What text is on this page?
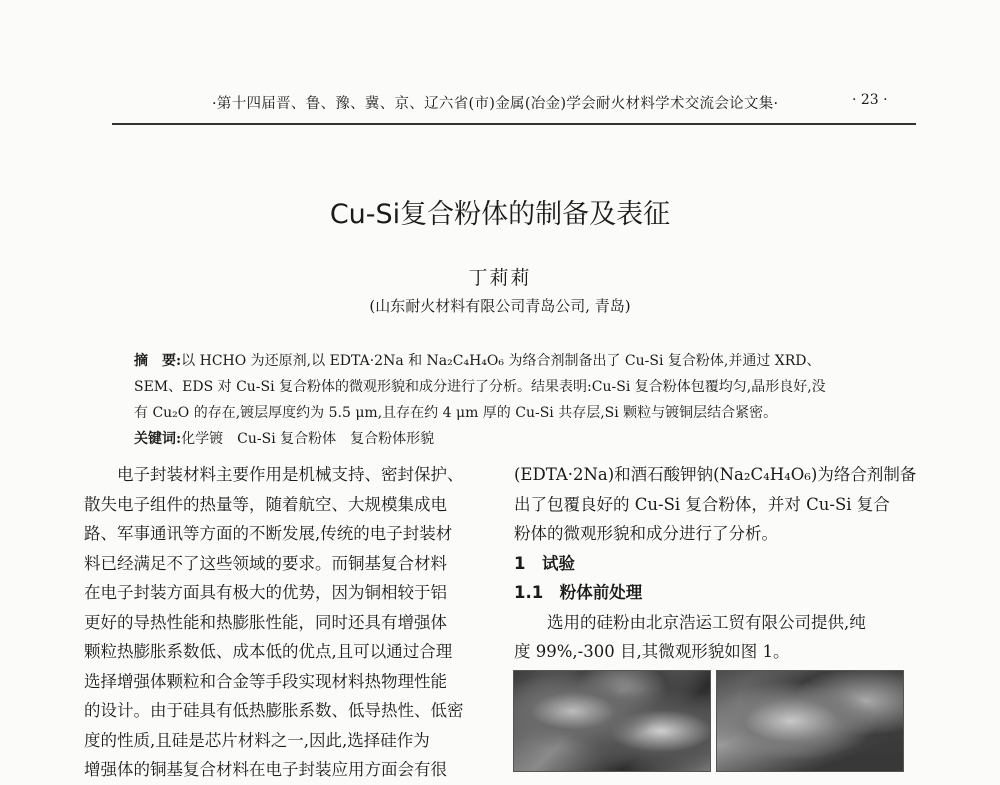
·第十四届晋、鲁、豫、冀、京、辽六省(市)金属(冶金)学会耐火材料学术交流会论文集·	· 23 ·
Cu-Si复合粉体的制备及表征
丁莉莉
(山东耐火材料有限公司青岛公司, 青岛)
摘　要:以 HCHO 为还原剂,以 EDTA·2Na 和 Na₂C₄H₄O₆ 为络合剂制备出了 Cu-Si 复合粉体,并通过 XRD、
SEM、EDS 对 Cu-Si 复合粉体的微观形貌和成分进行了分析。结果表明:Cu-Si 复合粉体包覆均匀,晶形良好,没
有 Cu₂O 的存在,镀层厚度约为 5.5 μm,且存在约 4 μm 厚的 Cu-Si 共存层,Si 颗粒与镀铜层结合紧密。
关键词:化学镀　Cu-Si 复合粉体　复合粉体形貌
电子封装材料主要作用是机械支持、密封保护、
散失电子组件的热量等，随着航空、大规模集成电
路、军事通讯等方面的不断发展,传统的电子封装材
料已经满足不了这些领域的要求。而铜基复合材料
在电子封装方面具有极大的优势，因为铜相较于铝
更好的导热性能和热膨胀性能，同时还具有增强体
颗粒热膨胀系数低、成本低的优点,且可以通过合理
选择增强体颗粒和合金等手段实现材料热物理性能
的设计。由于硅具有低热膨胀系数、低导热性、低密
度的性质,且硅是芯片材料之一,因此,选择硅作为
增强体的铜基复合材料在电子封装应用方面会有很
(EDTA·2Na)和酒石酸钾钠(Na₂C₄H₄O₆)为络合剂制备
出了包覆良好的 Cu-Si 复合粉体，并对 Cu-Si 复合
粉体的微观形貌和成分进行了分析。
1　试验
1.1　粉体前处理
选用的硅粉由北京浩运工贸有限公司提供,纯
度 99%,-300 目,其微观形貌如图 1。
